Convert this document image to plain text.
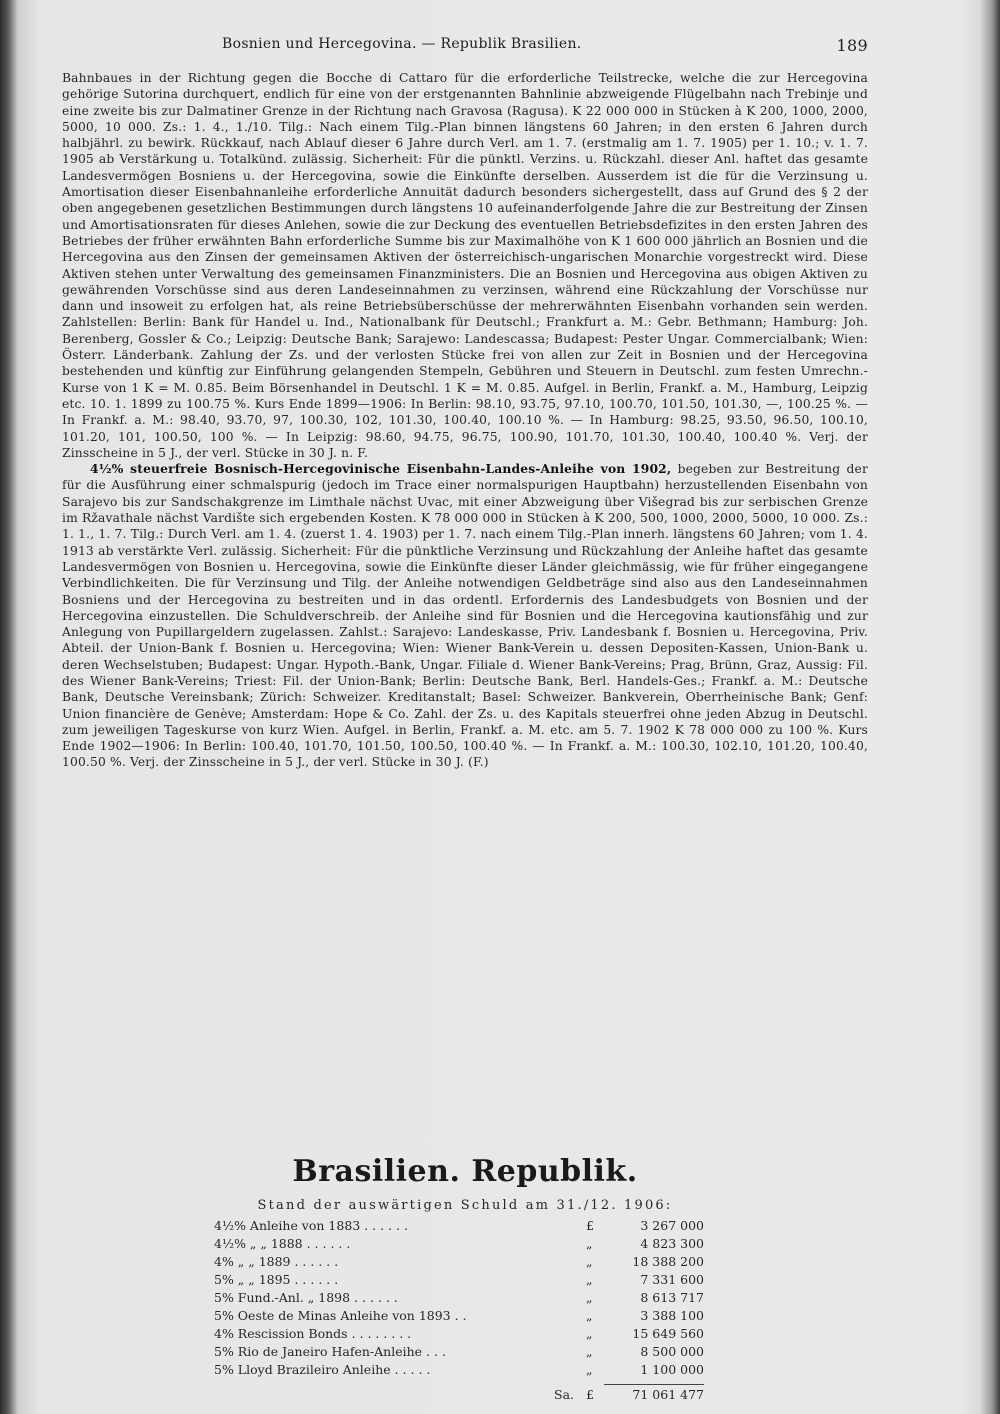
Bosnien und Hercegovina. — Republik Brasilien.	189

Bahnbaues in der Richtung gegen die Bocche di Cattaro für die erforderliche Teilstrecke, welche die zur Hercegovina gehörige Sutorina durchquert, endlich für eine von der erstgenannten Bahnlinie abzweigende Flügelbahn nach Trebinje und eine zweite bis zur Dalmatiner Grenze in der Richtung nach Gravosa (Ragusa). K 22 000 000 in Stücken à K 200, 1000, 2000, 5000, 10 000. Zs.: 1. 4., 1./10. Tilg.: Nach einem Tilg.-Plan binnen längstens 60 Jahren; in den ersten 6 Jahren durch halbjährl. zu bewirk. Rückkauf, nach Ablauf dieser 6 Jahre durch Verl. am 1. 7. (erstmalig am 1. 7. 1905) per 1. 10.; v. 1. 7. 1905 ab Verstärkung u. Totalkünd. zulässig. Sicherheit: Für die pünktl. Verzins. u. Rückzahl. dieser Anl. haftet das gesamte Landesvermögen Bosniens u. der Hercegovina, sowie die Einkünfte derselben. Ausserdem ist die für die Verzinsung u. Amortisation dieser Eisenbahnanleihe erforderliche Annuität dadurch besonders sichergestellt, dass auf Grund des § 2 der oben angegebenen gesetzlichen Bestimmungen durch längstens 10 aufeinanderfolgende Jahre die zur Bestreitung der Zinsen und Amortisationsraten für dieses Anlehen, sowie die zur Deckung des eventuellen Betriebsdefizites in den ersten Jahren des Betriebes der früher erwähnten Bahn erforderliche Summe bis zur Maximalhöhe von K 1 600 000 jährlich an Bosnien und die Hercegovina aus den Zinsen der gemeinsamen Aktiven der österreichisch-ungarischen Monarchie vorgestreckt wird. Diese Aktiven stehen unter Verwaltung des gemeinsamen Finanzministers. Die an Bosnien und Hercegovina aus obigen Aktiven zu gewährenden Vorschüsse sind aus deren Landeseinnahmen zu verzinsen, während eine Rückzahlung der Vorschüsse nur dann und insoweit zu erfolgen hat, als reine Betriebsüberschüsse der mehrerwähnten Eisenbahn vorhanden sein werden. Zahlstellen: Berlin: Bank für Handel u. Ind., Nationalbank für Deutschl.; Frankfurt a. M.: Gebr. Bethmann; Hamburg: Joh. Berenberg, Gossler & Co.; Leipzig: Deutsche Bank; Sarajewo: Landescassa; Budapest: Pester Ungar. Commercialbank; Wien: Österr. Länderbank. Zahlung der Zs. und der verlosten Stücke frei von allen zur Zeit in Bosnien und der Hercegovina bestehenden und künftig zur Einführung gelangenden Stempeln, Gebühren und Steuern in Deutschl. zum festen Umrechn.-Kurse von 1 K = M. 0.85. Beim Börsenhandel in Deutschl. 1 K = M. 0.85. Aufgel. in Berlin, Frankf. a. M., Hamburg, Leipzig etc. 10. 1. 1899 zu 100.75 %. Kurs Ende 1899—1906: In Berlin: 98.10, 93.75, 97.10, 100.70, 101.50, 101.30, —, 100.25 %. — In Frankf. a. M.: 98.40, 93.70, 97, 100.30, 102, 101.30, 100.40, 100.10 %. — In Hamburg: 98.25, 93.50, 96.50, 100.10, 101.20, 101, 100.50, 100 %. — In Leipzig: 98.60, 94.75, 96.75, 100.90, 101.70, 101.30, 100.40, 100.40 %. Verj. der Zinsscheine in 5 J., der verl. Stücke in 30 J. n. F.

4½% steuerfreie Bosnisch-Hercegovinische Eisenbahn-Landes-Anleihe von 1902, begeben zur Bestreitung der für die Ausführung einer schmalspurig (jedoch im Trace einer normalspurigen Hauptbahn) herzustellenden Eisenbahn von Sarajevo bis zur Sandschakgrenze im Limthale nächst Uvac, mit einer Abzweigung über Višegrad bis zur serbischen Grenze im Ržavathale nächst Vardište sich ergebenden Kosten. K 78 000 000 in Stücken à K 200, 500, 1000, 2000, 5000, 10 000. Zs.: 1. 1., 1. 7. Tilg.: Durch Verl. am 1. 4. (zuerst 1. 4. 1903) per 1. 7. nach einem Tilg.-Plan innerh. längstens 60 Jahren; vom 1. 4. 1913 ab verstärkte Verl. zulässig. Sicherheit: Für die pünktliche Verzinsung und Rückzahlung der Anleihe haftet das gesamte Landesvermögen von Bosnien u. Hercegovina, sowie die Einkünfte dieser Länder gleichmässig, wie für früher eingegangene Verbindlichkeiten. Die für Verzinsung und Tilg. der Anleihe notwendigen Geldbeträge sind also aus den Landeseinnahmen Bosniens und der Hercegovina zu bestreiten und in das ordentl. Erfordernis des Landesbudgets von Bosnien und der Hercegovina einzustellen. Die Schuldverschreib. der Anleihe sind für Bosnien und die Hercegovina kautionsfähig und zur Anlegung von Pupillargeldern zugelassen. Zahlst.: Sarajevo: Landeskasse, Priv. Landesbank f. Bosnien u. Hercegovina, Priv. Abteil. der Union-Bank f. Bosnien u. Hercegovina; Wien: Wiener Bank-Verein u. dessen Depositen-Kassen, Union-Bank u. deren Wechselstuben; Budapest: Ungar. Hypoth.-Bank, Ungar. Filiale d. Wiener Bank-Vereins; Prag, Brünn, Graz, Aussig: Fil. des Wiener Bank-Vereins; Triest: Fil. der Union-Bank; Berlin: Deutsche Bank, Berl. Handels-Ges.; Frankf. a. M.: Deutsche Bank, Deutsche Vereinsbank; Zürich: Schweizer. Kreditanstalt; Basel: Schweizer. Bankverein, Oberrheinische Bank; Genf: Union financière de Genève; Amsterdam: Hope & Co. Zahl. der Zs. u. des Kapitals steuerfrei ohne jeden Abzug in Deutschl. zum jeweiligen Tageskurse von kurz Wien. Aufgel. in Berlin, Frankf. a. M. etc. am 5. 7. 1902 K 78 000 000 zu 100 %. Kurs Ende 1902—1906: In Berlin: 100.40, 101.70, 101.50, 100.50, 100.40 %. — In Frankf. a. M.: 100.30, 102.10, 101.20, 100.40, 100.50 %. Verj. der Zinsscheine in 5 J., der verl. Stücke in 30 J. (F.)

Brasilien. Republik.
Stand der auswärtigen Schuld am 31./12. 1906:
4½% Anleihe von 1883 . . . . . .	£	3 267 000
4½% „ „ 1888 . . . . . .	„	4 823 300
4% „ „ 1889 . . . . . .	„	18 388 200
5% „ „ 1895 . . . . . .	„	7 331 600
5% Fund.-Anl. „ 1898 . . . . . .	„	8 613 717
5% Oeste de Minas Anleihe von 1893 . .	„	3 388 100
4% Rescission Bonds . . . . . . . .	„	15 649 560
5% Rio de Janeiro Hafen-Anleihe . . .	„	8 500 000
5% Lloyd Brazileiro Anleihe . . . . .	„	1 100 000
Sa. £	71 061 477
